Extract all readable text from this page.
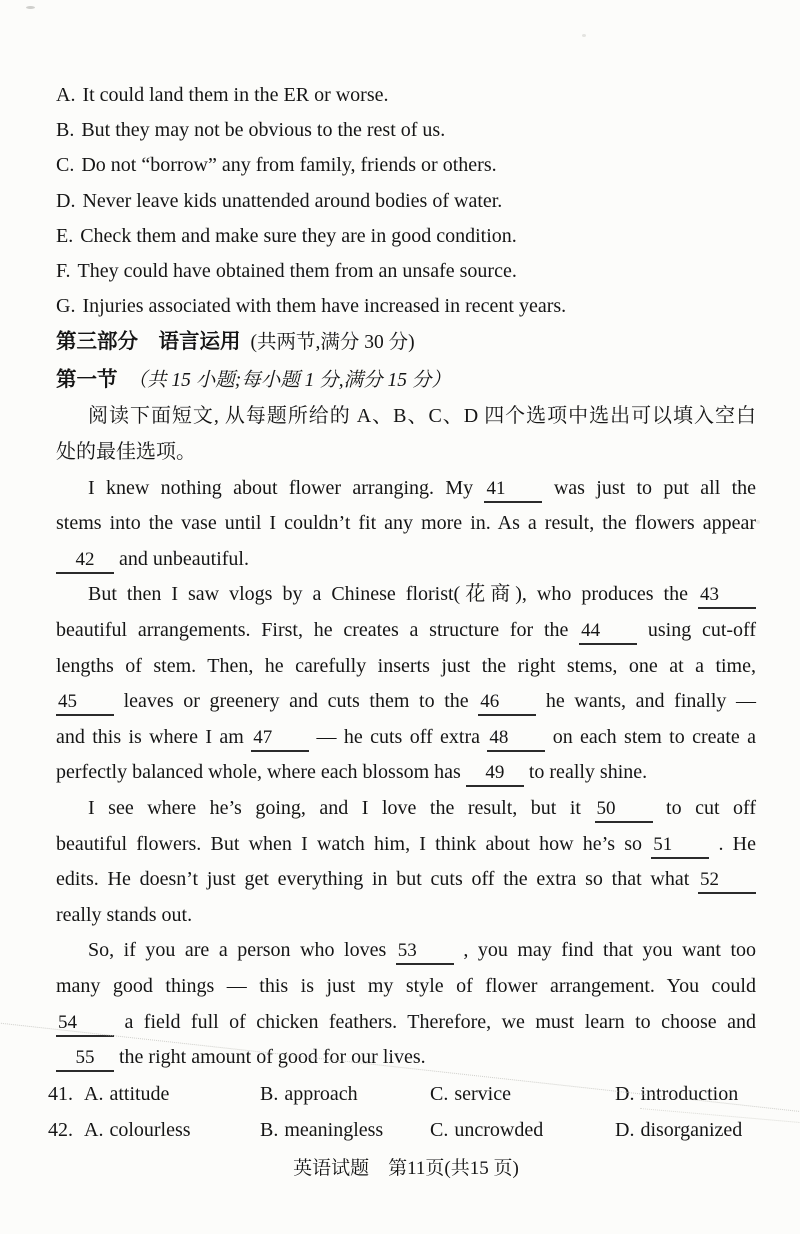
A. It could land them in the ER or worse.
B. But they may not be obvious to the rest of us.
C. Do not “borrow” any from family, friends or others.
D. Never leave kids unattended around bodies of water.
E. Check them and make sure they are in good condition.
F. They could have obtained them from an unsafe source.
G. Injuries associated with them have increased in recent years.
第三部分　语言运用 (共两节,满分 30 分)
第一节 （共 15 小题;每小题 1 分,满分 15 分）
阅读下面短文, 从每题所给的 A、B、C、D 四个选项中选出可以填入空白
处的最佳选项。
I knew nothing about flower arranging. My 41 was just to put all the
stems into the vase until I couldn’t fit any more in. As a result, the flowers appear
42 and unbeautiful.
But then I saw vlogs by a Chinese florist(花商), who produces the 43
beautiful arrangements. First, he creates a structure for the 44 using cut-off
lengths of stem. Then, he carefully inserts just the right stems, one at a time,
45 leaves or greenery and cuts them to the 46 he wants, and finally —
and this is where I am 47 — he cuts off extra 48 on each stem to create a
perfectly balanced whole, where each blossom has 49 to really shine.
I see where he’s going, and I love the result, but it 50	to cut off
beautiful flowers. But when I watch him, I think about how he’s so 51 . He
edits. He doesn’t just get everything in but cuts off the extra so that what 52
really stands out.
So, if you are a person who loves 53 , you may find that you want too
many good things — this is just my style of flower arrangement. You could
54 a field full of chicken feathers. Therefore, we must learn to choose and
55 the right amount of good for our lives.
41. A. attitude	B. approach	C. service	D. introduction
42. A. colourless	B. meaningless	C. uncrowded	D. disorganized
英语试题　第11页(共15 页)
